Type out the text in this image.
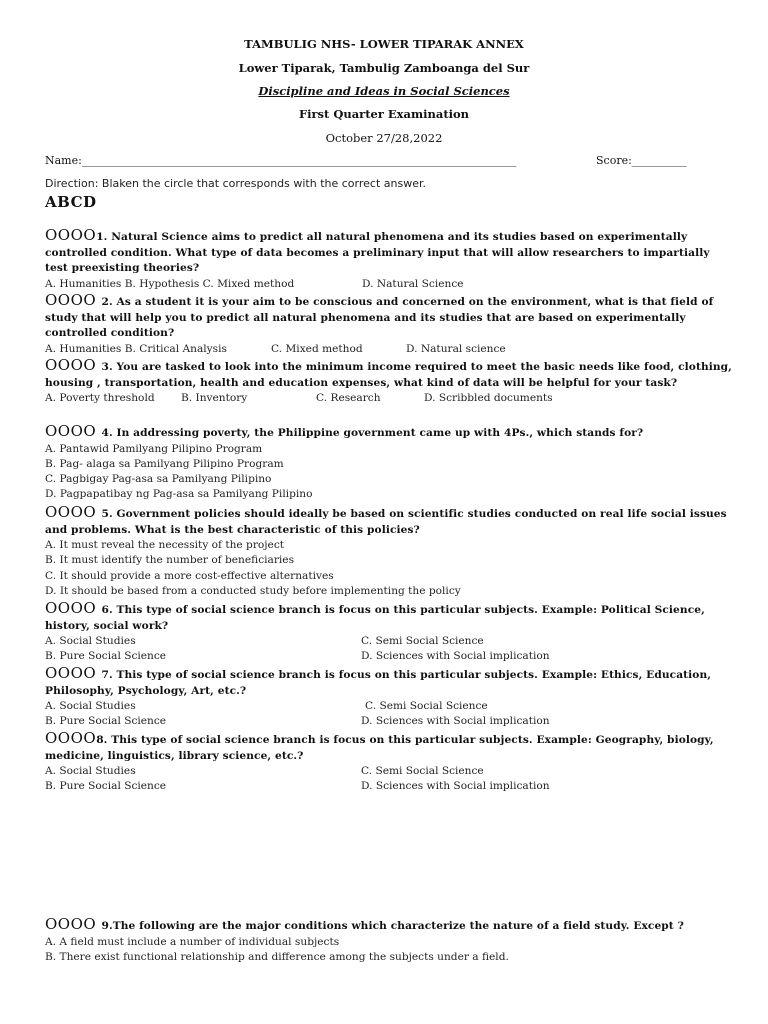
TAMBULIG NHS- LOWER TIPARAK ANNEX
Lower Tiparak, Tambulig Zamboanga del Sur
Discipline and Ideas in Social Sciences
First Quarter Examination
October 27/28,2022
Name:_______________________________________________________________________________	Score:__________
Direction: Blaken the circle that corresponds with the correct answer.
ABCD
OOOO1. Natural Science aims to predict all natural phenomena and its studies based on experimentally controlled condition. What type of data becomes a preliminary input that will allow researchers to impartially test preexisting theories?
A. Humanities B. Hypothesis C. Mixed method	D. Natural Science
OOOO 2. As a student it is your aim to be conscious and concerned on the environment, what is that field of study that will help you to predict all natural phenomena and its studies that are based on experimentally controlled condition?
A. Humanities B. Critical Analysis	C. Mixed method	D. Natural science
OOOO 3. You are tasked to look into the minimum income required to meet the basic needs like food, clothing, housing , transportation, health and education expenses, what kind of data will be helpful for your task?
A. Poverty threshold B. Inventory	C. Research	D. Scribbled documents
OOOO 4. In addressing poverty, the Philippine government came up with 4Ps., which stands for?
A. Pantawid Pamilyang Pilipino Program
B. Pag- alaga sa Pamilyang Pilipino Program
C. Pagbigay Pag-asa sa Pamilyang Pilipino
D. Pagpapatibay ng Pag-asa sa Pamilyang Pilipino
OOOO 5. Government policies should ideally be based on scientific studies conducted on real life social issues and problems. What is the best characteristic of this policies?
A. It must reveal the necessity of the project
B. It must identify the number of beneficiaries
C. It should provide a more cost-effective alternatives
D. It should be based from a conducted study before implementing the policy
OOOO 6. This type of social science branch is focus on this particular subjects. Example: Political Science, history, social work?
A. Social Studies	C. Semi Social Science
B. Pure Social Science	D. Sciences with Social implication
OOOO 7. This type of social science branch is focus on this particular subjects. Example: Ethics, Education, Philosophy, Psychology, Art, etc.?
A. Social Studies	C. Semi Social Science
B. Pure Social Science	D. Sciences with Social implication
OOOO8. This type of social science branch is focus on this particular subjects. Example: Geography, biology, medicine, linguistics, library science, etc.?
A. Social Studies	C. Semi Social Science
B. Pure Social Science	D. Sciences with Social implication
OOOO 9.The following are the major conditions which characterize the nature of a field study. Except ?
A. A field must include a number of individual subjects
B. There exist functional relationship and difference among the subjects under a field.
